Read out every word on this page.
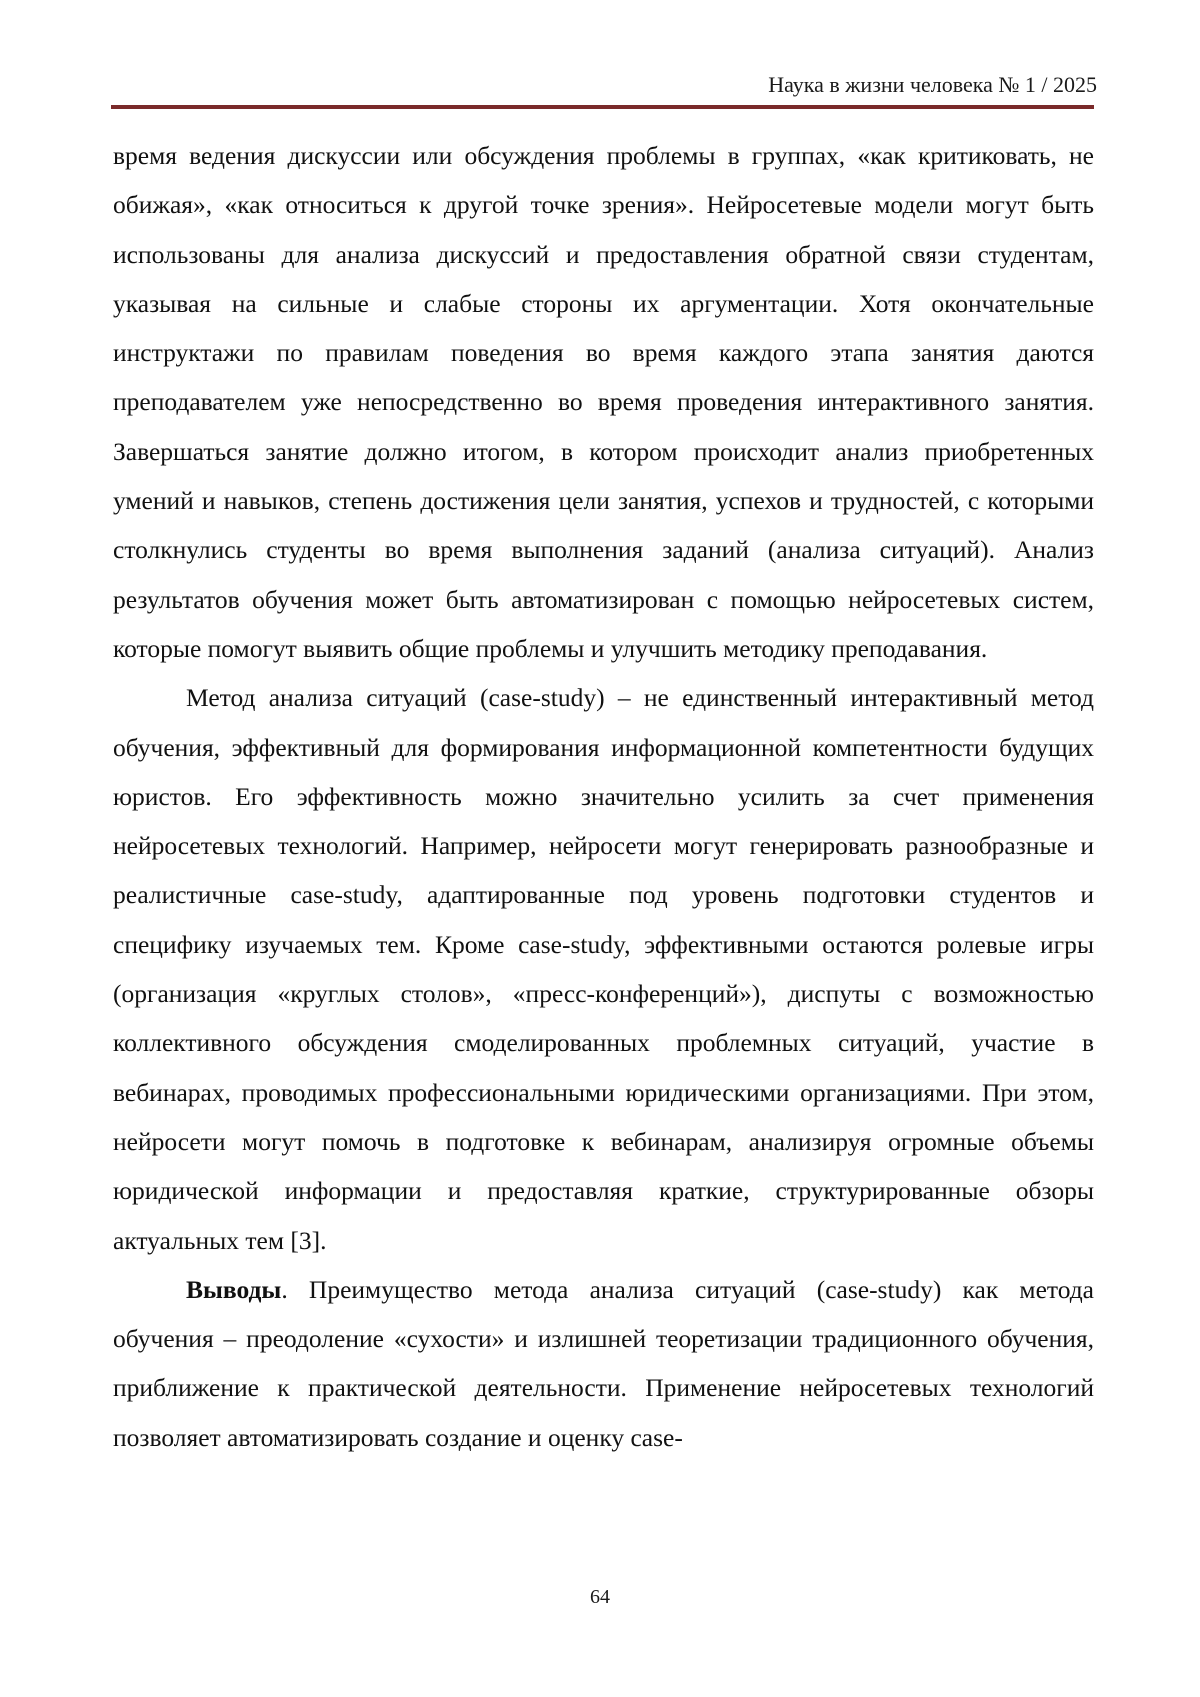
Наука в жизни человека № 1 / 2025

время ведения дискуссии или обсуждения проблемы в группах, «как критиковать, не обижая», «как относиться к другой точке зрения». Нейросетевые модели могут быть использованы для анализа дискуссий и предоставления обратной связи студентам, указывая на сильные и слабые стороны их аргументации. Хотя окончательные инструктажи по правилам поведения во время каждого этапа занятия даются преподавателем уже непосредственно во время проведения интерактивного занятия. Завершаться занятие должно итогом, в котором происходит анализ приобретенных умений и навыков, степень достижения цели занятия, успехов и трудностей, с которыми столкнулись студенты во время выполнения заданий (анализа ситуаций). Анализ результатов обучения может быть автоматизирован с помощью нейросетевых систем, которые помогут выявить общие проблемы и улучшить методику преподавания.

Метод анализа ситуаций (case-study) – не единственный интерактивный метод обучения, эффективный для формирования информационной компетентности будущих юристов. Его эффективность можно значительно усилить за счет применения нейросетевых технологий. Например, нейросети могут генерировать разнообразные и реалистичные case-study, адаптированные под уровень подготовки студентов и специфику изучаемых тем. Кроме case-study, эффективными остаются ролевые игры (организация «круглых столов», «пресс-конференций»), диспуты с возможностью коллективного обсуждения смоделированных проблемных ситуаций, участие в вебинарах, проводимых профессиональными юридическими организациями. При этом, нейросети могут помочь в подготовке к вебинарам, анализируя огромные объемы юридической информации и предоставляя краткие, структурированные обзоры актуальных тем [3].

Выводы. Преимущество метода анализа ситуаций (case-study) как метода обучения – преодоление «сухости» и излишней теоретизации традиционного обучения, приближение к практической деятельности. Применение нейросетевых технологий позволяет автоматизировать создание и оценку case-

64
